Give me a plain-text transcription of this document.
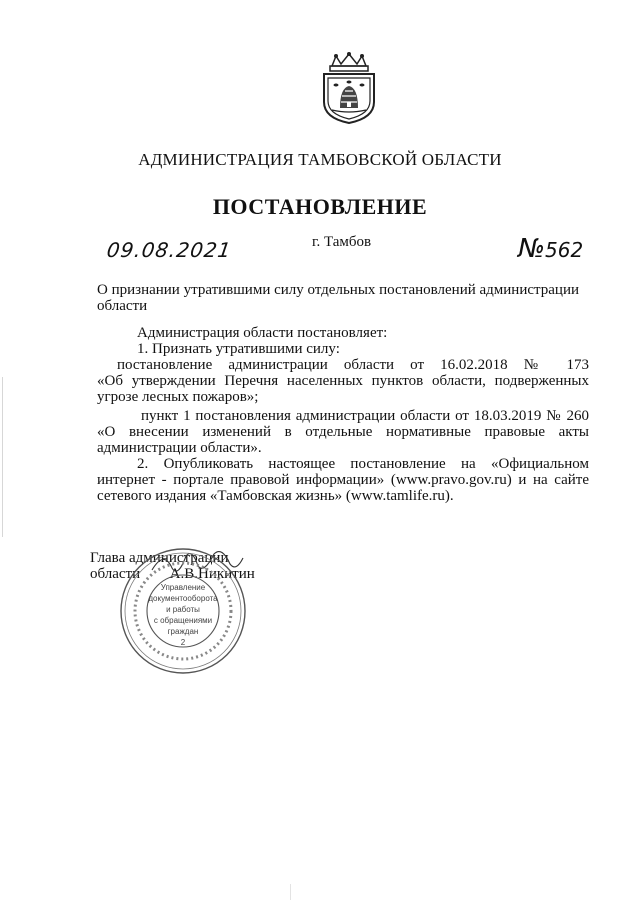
АДМИНИСТРАЦИЯ ТАМБОВСКОЙ ОБЛАСТИ
ПОСТАНОВЛЕНИЕ
09.08.2021	г. Тамбов	№562
О признании утратившими силу отдельных постановлений администрации области

Администрация области постановляет:

1. Признать утратившими силу:

постановление администрации области от 16.02.2018 № 173

«Об утверждении Перечня населенных пунктов области, подверженных

угрозе лесных пожаров»;

пункт 1 постановления администрации области от 18.03.2019 № 260

«О внесении изменений в отдельные нормативные правовые акты

администрации области».

2. Опубликовать настоящее постановление на «Официальном интернет - портале правовой информации» (www.pravo.gov.ru) и на сайте сетевого издания «Тамбовская жизнь» (www.tamlife.ru).

Глава администрации
области А.В.Никитин
Управление
документооборота
и работы
с обращениями
граждан
2
